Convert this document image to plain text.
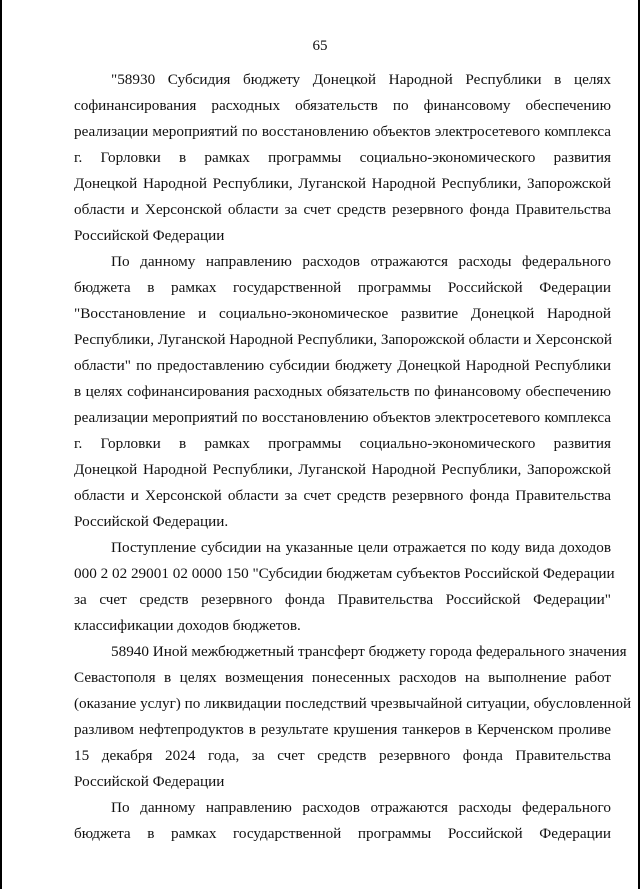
65
"58930 Субсидия бюджету Донецкой Народной Республики в целях
софинансирования расходных обязательств по финансовому обеспечению
реализации мероприятий по восстановлению объектов электросетевого комплекса
г. Горловки в рамках программы социально-экономического развития
Донецкой Народной Республики, Луганской Народной Республики, Запорожской
области и Херсонской области за счет средств резервного фонда Правительства
Российской Федерации
По данному направлению расходов отражаются расходы федерального
бюджета в рамках государственной программы Российской Федерации
"Восстановление и социально-экономическое развитие Донецкой Народной
Республики, Луганской Народной Республики, Запорожской области и Херсонской
области" по предоставлению субсидии бюджету Донецкой Народной Республики
в целях софинансирования расходных обязательств по финансовому обеспечению
реализации мероприятий по восстановлению объектов электросетевого комплекса
г. Горловки в рамках программы социально-экономического развития
Донецкой Народной Республики, Луганской Народной Республики, Запорожской
области и Херсонской области за счет средств резервного фонда Правительства
Российской Федерации.
Поступление субсидии на указанные цели отражается по коду вида доходов
000 2 02 29001 02 0000 150 "Субсидии бюджетам субъектов Российской Федерации
за счет средств резервного фонда Правительства Российской Федерации"
классификации доходов бюджетов.
58940 Иной межбюджетный трансферт бюджету города федерального значения
Севастополя в целях возмещения понесенных расходов на выполнение работ
(оказание услуг) по ликвидации последствий чрезвычайной ситуации, обусловленной
разливом нефтепродуктов в результате крушения танкеров в Керченском проливе
15 декабря 2024 года, за счет средств резервного фонда Правительства
Российской Федерации
По данному направлению расходов отражаются расходы федерального
бюджета в рамках государственной программы Российской Федерации
